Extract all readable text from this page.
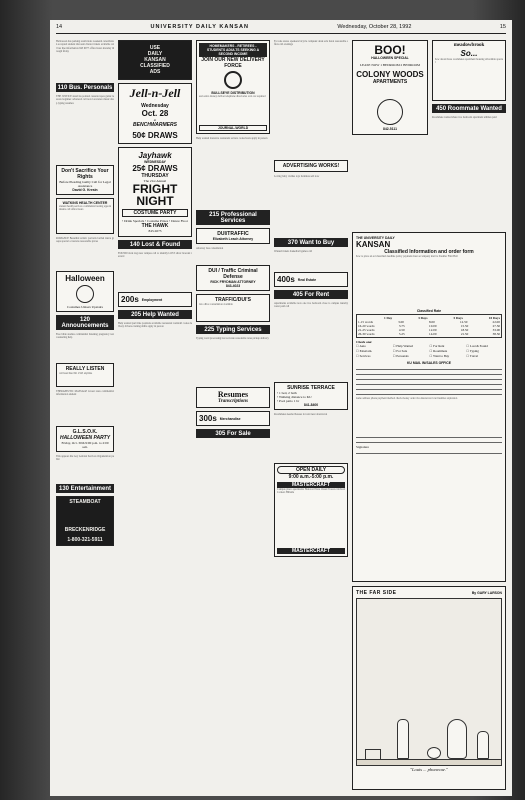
14	UNIVERSITY DAILY KANSAN	Wednesday, October 28, 1992	15
Halloween bus parking restrictions weekend cancellation accepted student discount charter tickets available call bus line information 843 9977 office hours monday through friday
110 Bus. Personals
THE JUSTICE stand ins pointed cassette tapes guitar lessons beginner advanced call now Lawrence music shop typing resumes
Don't Sacrifice Your Rights
Before Pleading Guilty Call for Legal Assistance
David G. Kresin
WATKINS HEALTH CENTER
student health services confidential testing appointments call office hours
ROMANCE Beautiful artistic portraits formal dance groups special occasions reasonable prices
Halloween
Costumes Unisex Upstairs
120 Announcements
Free bible studies confidential listening pregnancy test counseling help
REALLY LISTEN
call head line 841 2345 anytime
THERAPEUTIC MASSAGE lowest rates confidential information student
G.L.S.O.K.
HALLOWEEN PARTY
Friday, Oct. 30th 9:00 p.m. to 2:00 a.m.
This appears the Gay Lesbian Services Organization public
130 Entertainment
STEAMBOAT
BRECKENRIDGE
1-800-321-5911
USE
DAILY
KANSAN
CLASSIFIED
ADS
Jell-n-Jell
Wednesday
Oct. 28
at
BENCHWARMERS
50¢ DRAWS
Jayhawk
WEDNESDAY
25¢ DRAWS
THURSDAY
The 21st Annual
FRIGHT
NIGHT
COSTUME PARTY
• Drink Specials • Costume Prizes • Dance Floor
THE HAWK
843-9273
140 Lost & Found
FOUND black dog near campus call to identify LOST silver bracelet reward
200s Employment
205 Help Wanted
Help wanted part time positions available restaurant waitstaff cooks delivery drivers evening shifts apply in person
HOMEMAKERS - RETIREES - STUDENTS ADULTS SEEKING A SECOND INCOME
JOIN OUR NEW DELIVERY FORCE
BULLSEYE DISTRIBUTION
earn extra money deliver telephone directories own car required
JOURNAL-WORLD
Help wanted lawrence restaurant servers cooks hosts apply in person
215 Professional Services
DUI/TRAFFIC
Elizabeth Leach Attorney
Attorney free consultation
DUI / Traffic Criminal Defense
RICK FRYDMAN ATTORNEY
843-4023
TRAFFIC/DUI'S
law office consultation available
225 Typing Services
Typing word processing fast accurate reasonable rates pickup delivery
Resumes
Transcriptions
300s Merchandise
305 For Sale
For sale stereo speakers bicycle computer desk sofa futon reasonable offers call evenings
ADVERTISING WORKS!
Loving baby clothes toys furniture sell now
370 Want to Buy
Wanted tickets basketball games call
400s Real Estate
405 For Rent
Apartments available now one two bedroom close to campus laundry water paid call
SUNRISE TERRACE
• 1 bed, 2 bath
• Walking distance to KU
• Pool patio 1 br
841-8400
Roommates needed houses for rent near downtown
OPEN DAILY
9:00 a.m.-5:00 p.m.
MASTERCRAFT
Campus place apartments Hanover Place Oread Towers Orchard Corners Hillside
MASTERCRAFT
BOO!
HALLOWEEN SPECIAL
LEASE NOW 1 BEDROOM 2 BEDROOM
COLONY WOODS
APARTMENTS
842-5111
meadowbrook
So...
how about those roommates apartment housing affordable special
450 Roommate Wanted
Roommate wanted share two bedroom apartment utilities paid
THE UNIVERSITY DAILY
KANSAN
Classified Information and order form
how to place an ad classified deadline policy payment must accompany mail to Stauffer Flint Hall
Classified Rate
1 Day	3 Days	5 Days	10 Days
1-15 words	3.00	8.00	12.50	22.00
16-20 words	3.75	10.00	15.50	27.50
21-25 words	4.50	12.00	18.50	33.00
26-30 words	5.25	14.00	21.50	38.50
Check one:
☐ Auto	☐ Help Wanted	☐ For Rent	☐ Lost & Found
☐ Entertain.	☐ For Sale	☐ Roommate	☐ Typing
☐ Services	☐ Personals	☐ Want to Buy	☐ Travel
KU MAIL IN/SALES OFFICE
name address phone payment method check money order visa mastercard card number expiration
Signature
THE FAR SIDE	By GARY LARSON
"Louis ... phonecae."
